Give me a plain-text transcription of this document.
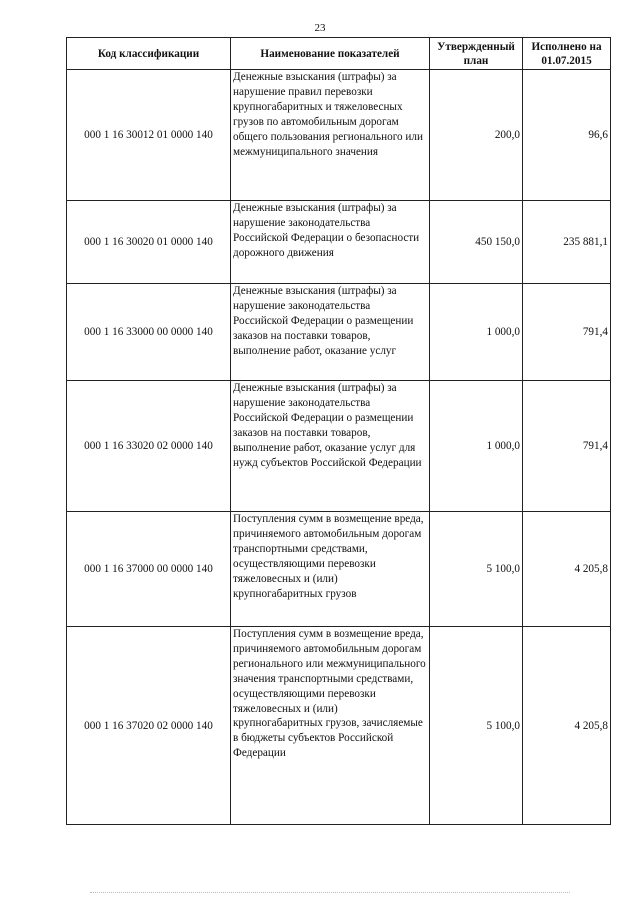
23
Код классификации	Наименование показателей	Утвержденный план	Исполнено на 01.07.2015
000 1 16 30012 01 0000 140	Денежные взыскания (штрафы) за нарушение правил перевозки крупногабаритных и тяжеловесных грузов по автомобильным дорогам общего пользования регионального или межмуниципального значения	200,0	96,6
000 1 16 30020 01 0000 140	Денежные взыскания (штрафы) за нарушение законодательства Российской Федерации о безопасности дорожного движения	450 150,0	235 881,1
000 1 16 33000 00 0000 140	Денежные взыскания (штрафы) за нарушение законодательства Российской Федерации о размещении заказов на поставки товаров, выполнение работ, оказание услуг	1 000,0	791,4
000 1 16 33020 02 0000 140	Денежные взыскания (штрафы) за нарушение законодательства Российской Федерации о размещении заказов на поставки товаров, выполнение работ, оказание услуг для нужд субъектов Российской Федерации	1 000,0	791,4
000 1 16 37000 00 0000 140	Поступления сумм в возмещение вреда, причиняемого автомобильным дорогам транспортными средствами, осуществляющими перевозки тяжеловесных и (или) крупногабаритных грузов	5 100,0	4 205,8
000 1 16 37020 02 0000 140	Поступления сумм в возмещение вреда, причиняемого автомобильным дорогам регионального или межмуниципального значения транспортными средствами, осуществляющими перевозки тяжеловесных и (или) крупногабаритных грузов, зачисляемые в бюджеты субъектов Российской Федерации	5 100,0	4 205,8
